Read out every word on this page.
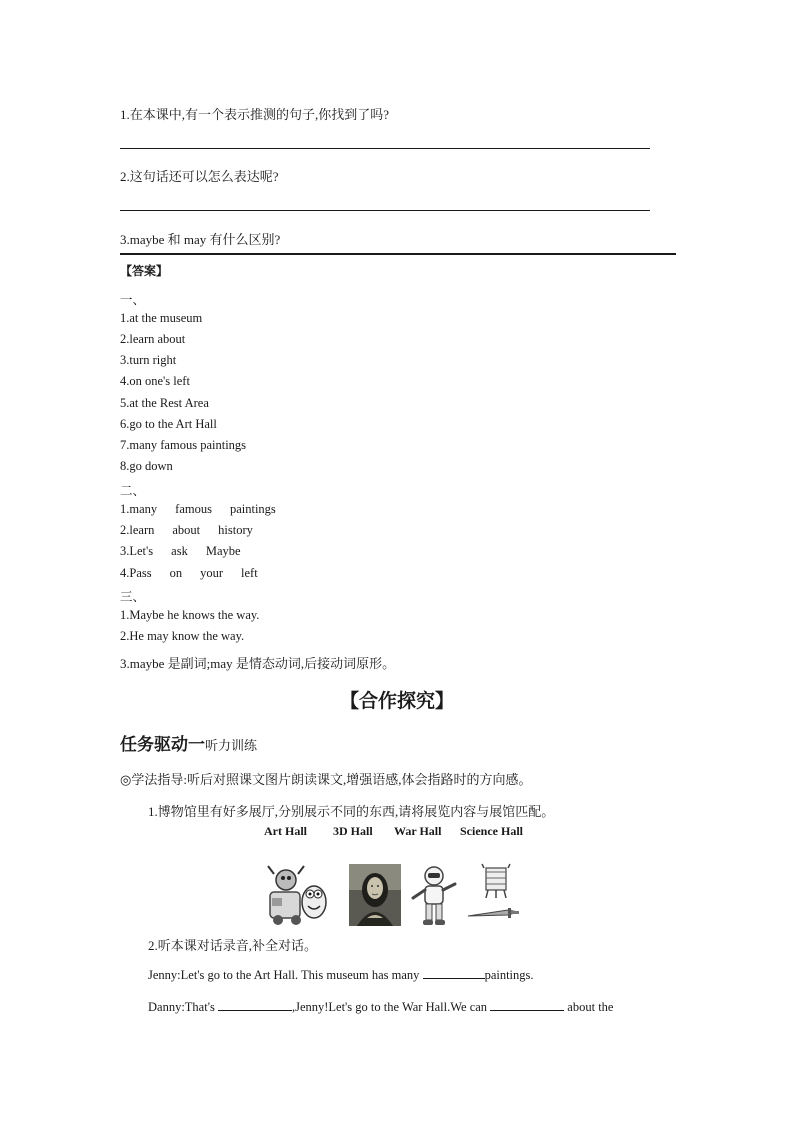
1.在本课中,有一个表示推测的句子,你找到了吗?
2.这句话还可以怎么表达呢?
3.maybe 和 may 有什么区别?
【答案】
一、
1.at the museum
2.learn about
3.turn right
4.on one's left
5.at the Rest Area
6.go to the Art Hall
7.many famous paintings
8.go down
二、
1.many famous paintings
2.learn about history
3.Let's ask Maybe
4.Pass on your left
三、
1.Maybe he knows the way.
2.He may know the way.
3.maybe 是副词;may 是情态动词,后接动词原形。
【合作探究】
任务驱动一听力训练
◎学法指导:听后对照课文图片朗读课文,增强语感,体会指路时的方向感。
1.博物馆里有好多展厅,分别展示不同的东西,请将展览内容与展馆匹配。
Art Hall 3D Hall War Hall Science Hall
2.听本课对话录音,补全对话。
Jenny:Let's go to the Art Hall. This museum has many	paintings.
Danny:That's	,Jenny!Let's go to the War Hall.We can	about the
